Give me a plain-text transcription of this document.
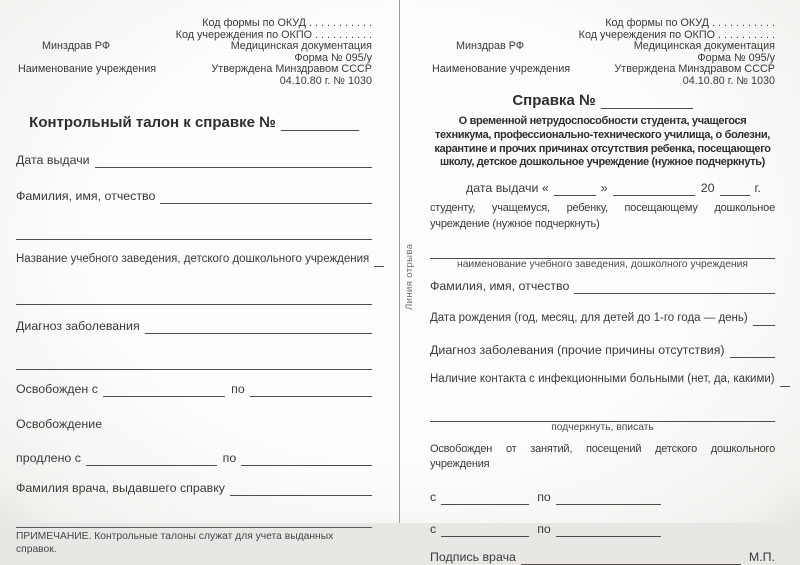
Минздрав РФ
Наименование учреждения
Код формы по ОКУД . . . . . . . . . . .
Код учереждения по ОКПО . . . . . . . . . .
Медицинская документация
Форма № 095/у
Утверждена Минздравом СССР
04.10.80 г. № 1030
Контрольный талон к справке №
Дата выдачи
Фамилия, имя, отчество
Название учебного заведения, детского дошкольного учреждения
Диагноз заболевания
Освобожден с	по
Освобождение
продлено с	по
Фамилия врача, выдавшего справку
ПРИМЕЧАНИЕ. Контрольные талоны служат для учета выданных справок.
Линия отрыва
Минздрав РФ
Наименование учреждения
Код формы по ОКУД . . . . . . . . . . .
Код учереждения по ОКПО . . . . . . . . . .
Медицинская документация
Форма № 095/у
Утверждена Минздравом СССР
04.10.80 г. № 1030
Справка №
О временной нетрудоспособности студента, учащегося техникума, профессионально-технического училища, о болезни, карантине и прочих причинах отсутствия ребенка, посещающего школу, детское дошкольное учреждение (нужное подчеркнуть)
дата выдачи «	»	20	г.
студенту, учащемуся, ребенку, посещающему дошкольное учреждение (нужное подчеркнуть)
наименование учебного заведения, дошколного учреждения
Фамилия, имя, отчество
Дата рождения (год, месяц, для детей до 1-го года — день)
Диагноз заболевания (прочие причины отсутствия)
Наличие контакта с инфекционными больными (нет, да, какими)
подчеркнуть, вписать
Освобожден от занятий, посещений детского дошкольного учреждения
с	по
с	по
Подпись врача	М.П.
